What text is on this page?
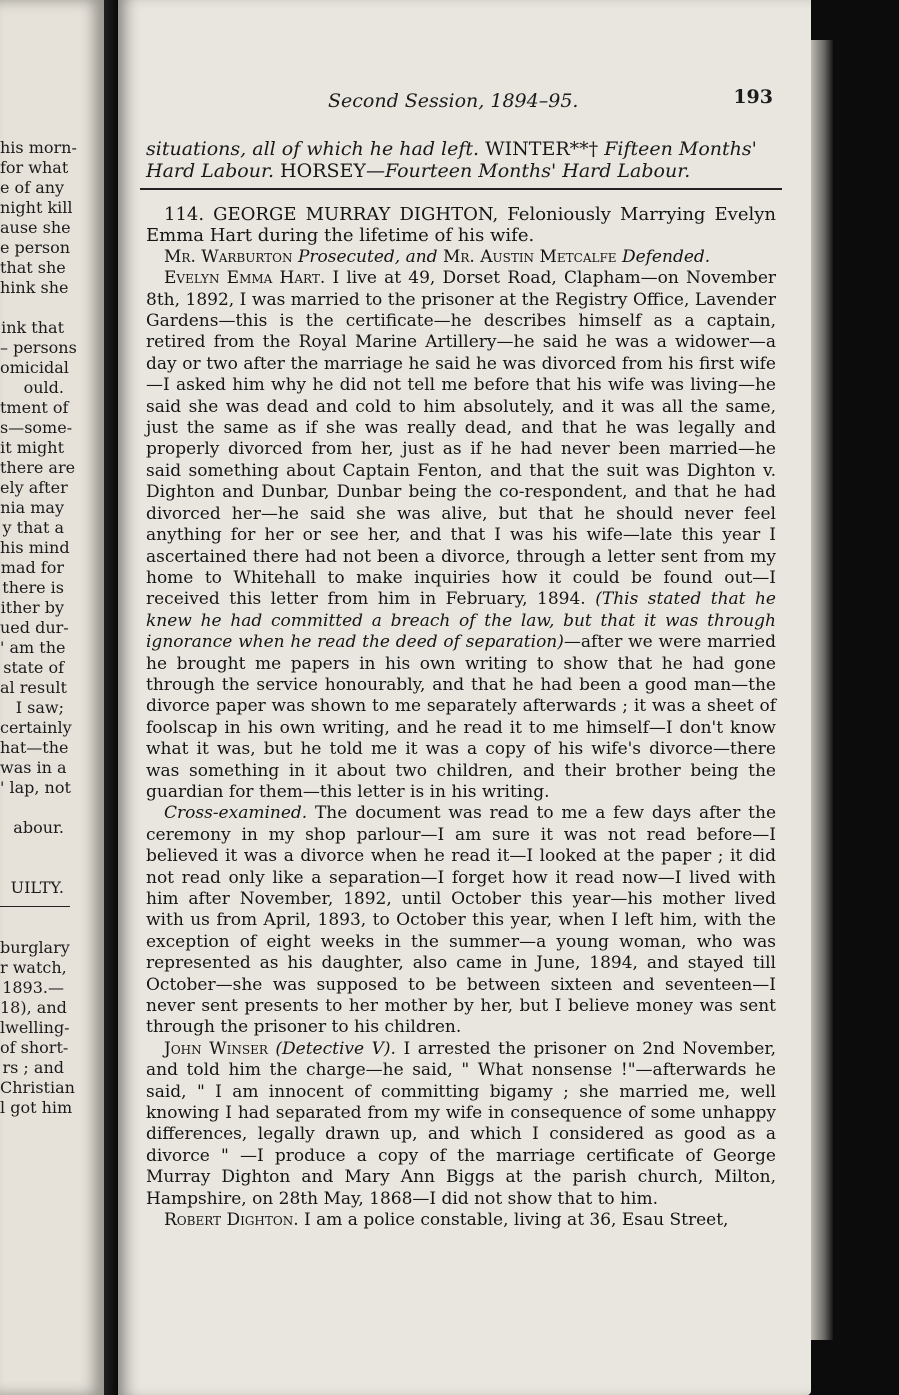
his morn-
for what
e of any
night kill
ause she
e person
that she
hink she
ink that
– persons
omicidal
ould.
tment of
s—some-
it might
there are
ely after
nia may
y that a
his mind
mad for
there is
ither by
ued dur-
' am the
state of
al result
I saw;
certainly
hat—the
was in a
' lap, not
abour.
UILTY.
burglary
r watch,
1893.—
18), and
lwelling-
of short-
rs ; and
Christian
l got him
Second Session, 1894–95.	193
situations, all of which he had left. WINTER**† Fifteen Months' Hard Labour. HORSEY—Fourteen Months' Hard Labour.

114. GEORGE MURRAY DIGHTON, Feloniously Marrying Evelyn Emma Hart during the lifetime of his wife.

Mr. Warburton Prosecuted, and Mr. Austin Metcalfe Defended.

Evelyn Emma Hart. I live at 49, Dorset Road, Clapham—on November 8th, 1892, I was married to the prisoner at the Registry Office, Lavender Gardens—this is the certificate—he describes himself as a captain, retired from the Royal Marine Artillery—he said he was a widower—a day or two after the marriage he said he was divorced from his first wife—I asked him why he did not tell me before that his wife was living—he said she was dead and cold to him absolutely, and it was all the same, just the same as if she was really dead, and that he was legally and properly divorced from her, just as if he had never been married—he said something about Captain Fenton, and that the suit was Dighton v. Dighton and Dunbar, Dunbar being the co-respondent, and that he had divorced her—he said she was alive, but that he should never feel anything for her or see her, and that I was his wife—late this year I ascertained there had not been a divorce, through a letter sent from my home to Whitehall to make inquiries how it could be found out—I received this letter from him in February, 1894. (This stated that he knew he had committed a breach of the law, but that it was through ignorance when he read the deed of separation)—after we were married he brought me papers in his own writing to show that he had gone through the service honourably, and that he had been a good man—the divorce paper was shown to me separately afterwards ; it was a sheet of foolscap in his own writing, and he read it to me himself—I don't know what it was, but he told me it was a copy of his wife's divorce—there was something in it about two children, and their brother being the guardian for them—this letter is in his writing.

Cross-examined. The document was read to me a few days after the ceremony in my shop parlour—I am sure it was not read before—I believed it was a divorce when he read it—I looked at the paper ; it did not read only like a separation—I forget how it read now—I lived with him after November, 1892, until October this year—his mother lived with us from April, 1893, to October this year, when I left him, with the exception of eight weeks in the summer—a young woman, who was represented as his daughter, also came in June, 1894, and stayed till October—she was supposed to be between sixteen and seventeen—I never sent presents to her mother by her, but I believe money was sent through the prisoner to his children.

John Winser (Detective V). I arrested the prisoner on 2nd November, and told him the charge—he said, " What nonsense !"—afterwards he said, " I am innocent of committing bigamy ; she married me, well knowing I had separated from my wife in consequence of some unhappy differences, legally drawn up, and which I considered as good as a divorce " —I produce a copy of the marriage certificate of George Murray Dighton and Mary Ann Biggs at the parish church, Milton, Hampshire, on 28th May, 1868—I did not show that to him.

Robert Dighton. I am a police constable, living at 36, Esau Street,
